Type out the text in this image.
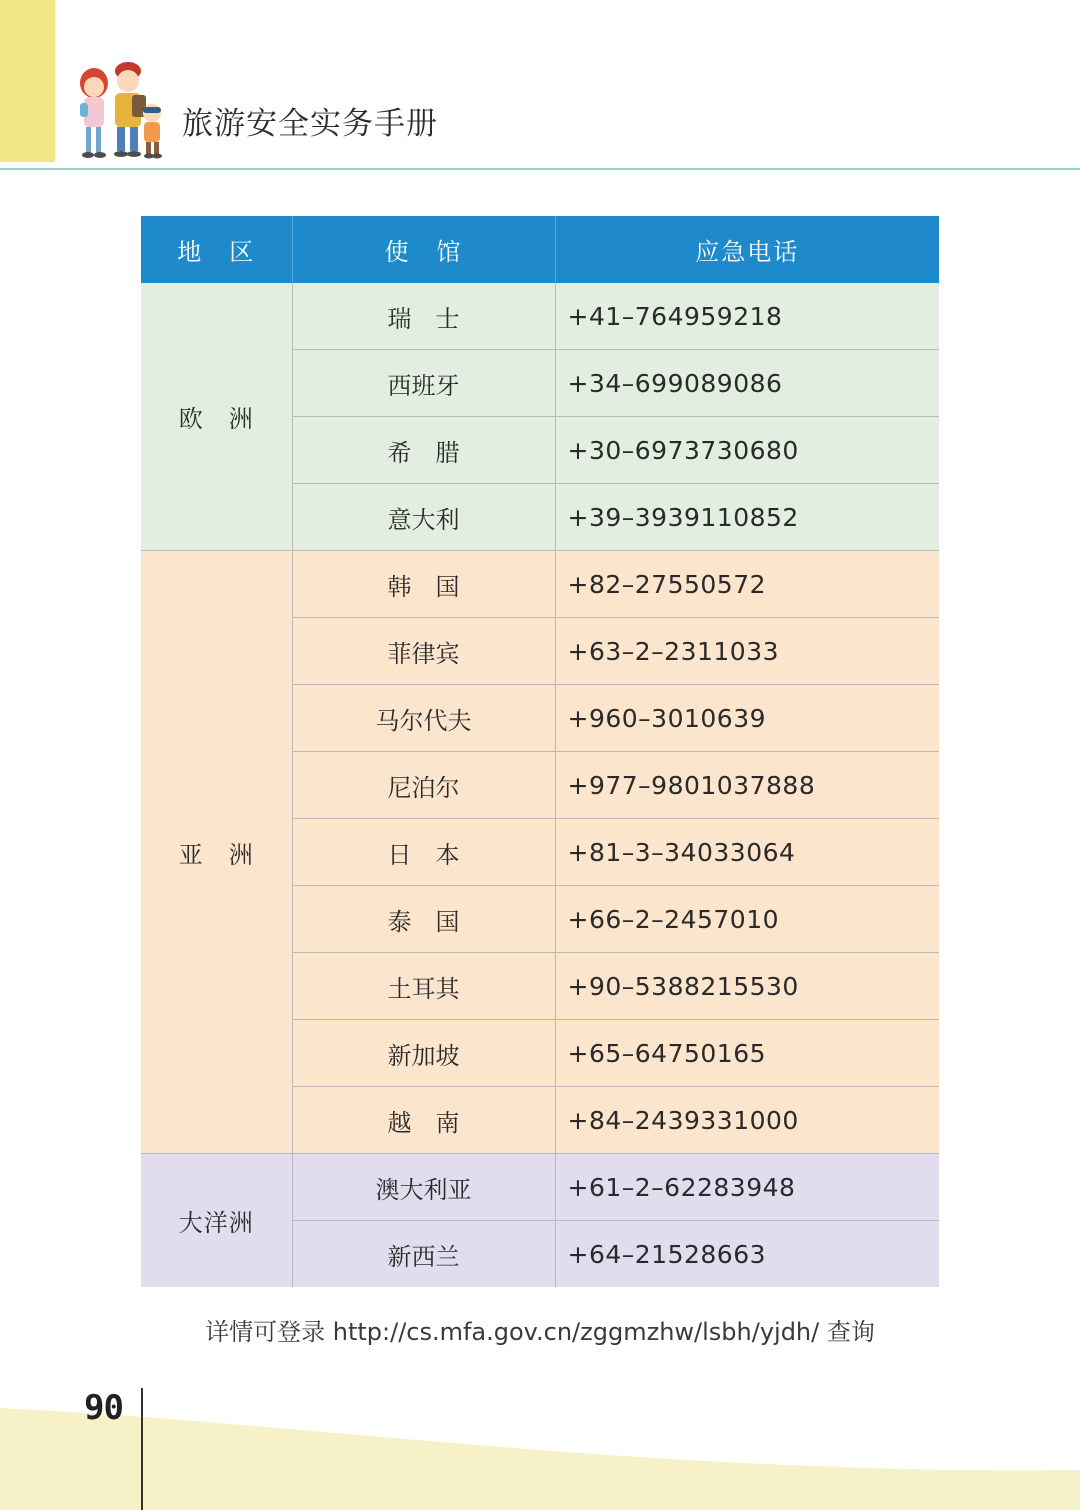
旅游安全实务手册
地　区	使　馆	应急电话
欧　洲	瑞　士	+41–764959218
	西班牙	+34–699089086
	希　腊	+30–6973730680
	意大利	+39–3939110852
亚　洲	韩　国	+82–27550572
	菲律宾	+63–2–2311033
	马尔代夫	+960–3010639
	尼泊尔	+977–9801037888
	日　本	+81–3–34033064
	泰　国	+66–2–2457010
	土耳其	+90–5388215530
	新加坡	+65–64750165
	越　南	+84–2439331000
大洋洲	澳大利亚	+61–2–62283948
	新西兰	+64–21528663
详情可登录 http://cs.mfa.gov.cn/zggmzhw/lsbh/yjdh/ 查询
90
